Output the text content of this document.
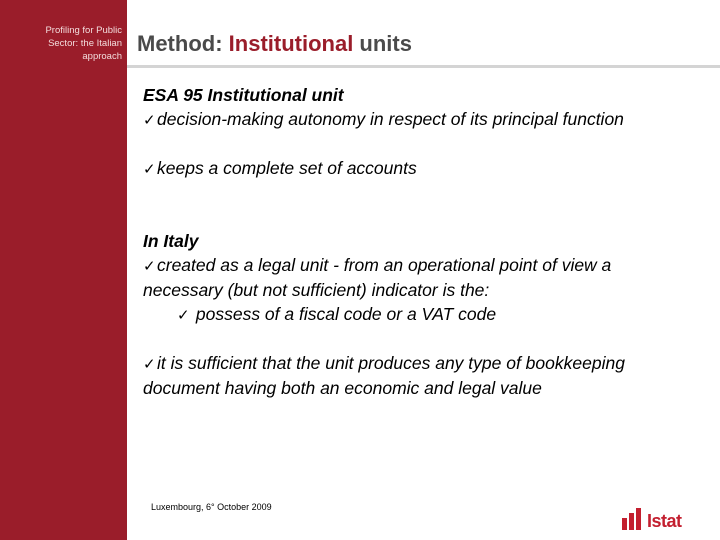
Profiling for Public
Sector: the Italian
approach
Method: Institutional units

ESA 95 Institutional unit

✓decision-making autonomy in respect of its principal function

✓keeps a complete set of accounts

In Italy

✓created as a legal unit - from an operational point of view a necessary (but not sufficient) indicator is the:

✓ possess of a fiscal code or a VAT code

✓it is sufficient that the unit produces any type of bookkeeping document having both an economic and legal value

Luxembourg, 6° October 2009
Istat
